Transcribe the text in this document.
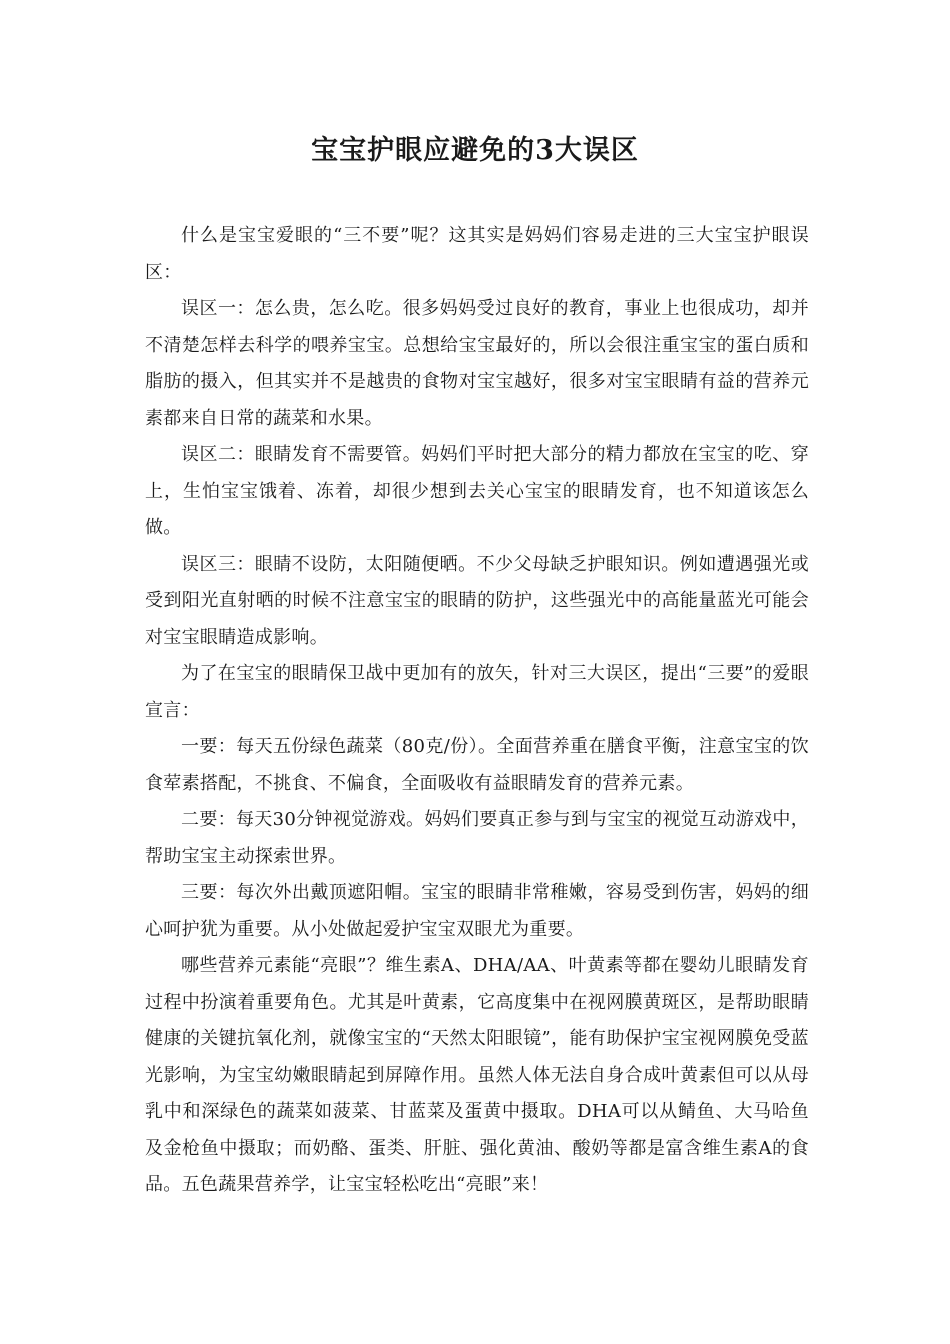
宝宝护眼应避免的3大误区

什么是宝宝爱眼的“三不要”呢？这其实是妈妈们容易走进的三大宝宝护眼误区：

误区一：怎么贵，怎么吃。很多妈妈受过良好的教育，事业上也很成功，却并不清楚怎样去科学的喂养宝宝。总想给宝宝最好的，所以会很注重宝宝的蛋白质和脂肪的摄入，但其实并不是越贵的食物对宝宝越好，很多对宝宝眼睛有益的营养元素都来自日常的蔬菜和水果。

误区二：眼睛发育不需要管。妈妈们平时把大部分的精力都放在宝宝的吃、穿上，生怕宝宝饿着、冻着，却很少想到去关心宝宝的眼睛发育，也不知道该怎么做。

误区三：眼睛不设防，太阳随便晒。不少父母缺乏护眼知识。例如遭遇强光或受到阳光直射晒的时候不注意宝宝的眼睛的防护，这些强光中的高能量蓝光可能会对宝宝眼睛造成影响。

为了在宝宝的眼睛保卫战中更加有的放矢，针对三大误区，提出“三要”的爱眼宣言：

一要：每天五份绿色蔬菜（80克/份）。全面营养重在膳食平衡，注意宝宝的饮食荤素搭配，不挑食、不偏食，全面吸收有益眼睛发育的营养元素。

二要：每天30分钟视觉游戏。妈妈们要真正参与到与宝宝的视觉互动游戏中，帮助宝宝主动探索世界。

三要：每次外出戴顶遮阳帽。宝宝的眼睛非常稚嫩，容易受到伤害，妈妈的细心呵护犹为重要。从小处做起爱护宝宝双眼尤为重要。

哪些营养元素能“亮眼”？维生素A、DHA/AA、叶黄素等都在婴幼儿眼睛发育过程中扮演着重要角色。尤其是叶黄素，它高度集中在视网膜黄斑区，是帮助眼睛健康的关键抗氧化剂，就像宝宝的“天然太阳眼镜”，能有助保护宝宝视网膜免受蓝光影响，为宝宝幼嫩眼睛起到屏障作用。虽然人体无法自身合成叶黄素但可以从母乳中和深绿色的蔬菜如菠菜、甘蓝菜及蛋黄中摄取。DHA可以从鲭鱼、大马哈鱼及金枪鱼中摄取；而奶酪、蛋类、肝脏、强化黄油、酸奶等都是富含维生素A的食品。五色蔬果营养学，让宝宝轻松吃出“亮眼”来！
